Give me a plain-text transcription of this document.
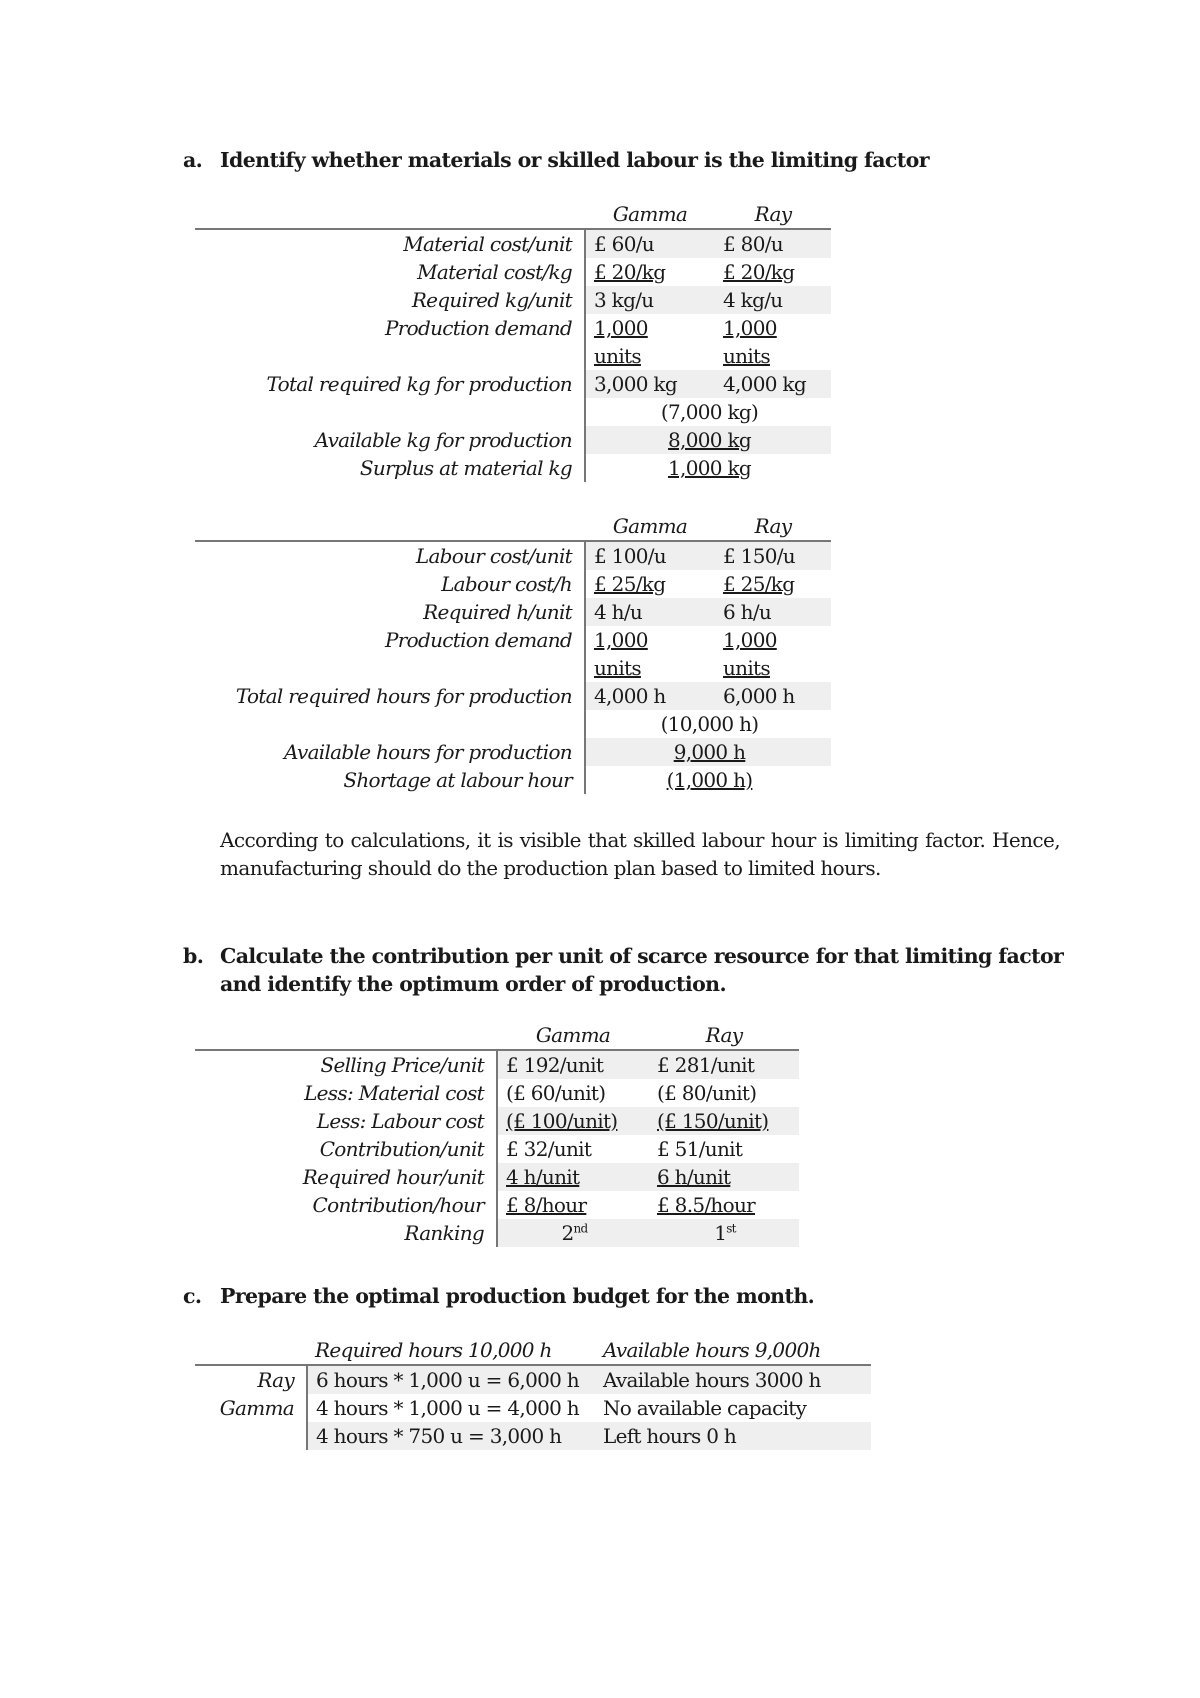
a. Identify whether materials or skilled labour is the limiting factor
	Gamma	Ray
Material cost/unit	£ 60/u	£ 80/u
Material cost/kg	£ 20/kg	£ 20/kg
Required kg/unit	3 kg/u	4 kg/u
Production demand	1,000	1,000
	units	units
Total required kg for production	3,000 kg	4,000 kg
	(7,000 kg)	
Available kg for production	8,000 kg	
Surplus at material kg	1,000 kg	
	Gamma	Ray
Labour cost/unit	£ 100/u	£ 150/u
Labour cost/h	£ 25/kg	£ 25/kg
Required h/unit	4 h/u	6 h/u
Production demand	1,000	1,000
	units	units
Total required hours for production	4,000 h	6,000 h
	(10,000 h)	
Available hours for production	9,000 h	
Shortage at labour hour	(1,000 h)	
According to calculations, it is visible that skilled labour hour is limiting factor. Hence, manufacturing should do the production plan based to limited hours.
b. Calculate the contribution per unit of scarce resource for that limiting factor and identify the optimum order of production.
	Gamma	Ray
Selling Price/unit	£ 192/unit	£ 281/unit
Less: Material cost	(£ 60/unit)	(£ 80/unit)
Less: Labour cost	(£ 100/unit)	(£ 150/unit)
Contribution/unit	£ 32/unit	£ 51/unit
Required hour/unit	4 h/unit	6 h/unit
Contribution/hour	£ 8/hour	£ 8.5/hour
Ranking	2nd	1st
c. Prepare the optimal production budget for the month.
	Required hours 10,000 h	Available hours 9,000h
Ray	6 hours * 1,000 u = 6,000 h	Available hours 3000 h
Gamma	4 hours * 1,000 u = 4,000 h	No available capacity
	4 hours * 750 u = 3,000 h	Left hours 0 h
